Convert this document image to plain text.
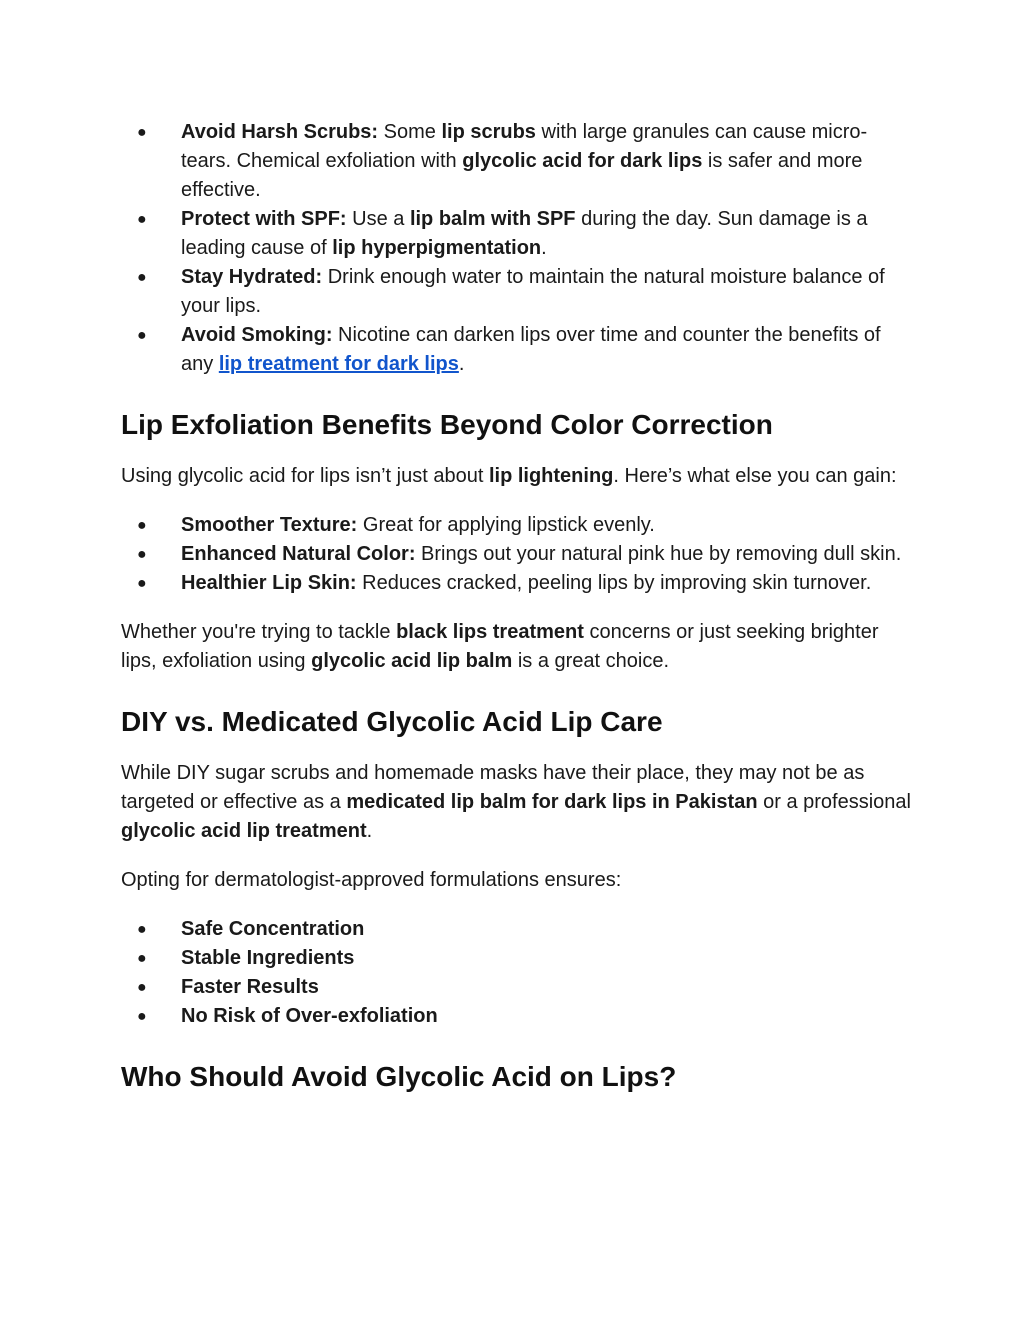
● Avoid Harsh Scrubs: Some lip scrubs with large granules can cause micro-tears. Chemical exfoliation with glycolic acid for dark lips is safer and more effective.
● Protect with SPF: Use a lip balm with SPF during the day. Sun damage is a leading cause of lip hyperpigmentation.
● Stay Hydrated: Drink enough water to maintain the natural moisture balance of your lips.
● Avoid Smoking: Nicotine can darken lips over time and counter the benefits of any lip treatment for dark lips.
Lip Exfoliation Benefits Beyond Color Correction

Using glycolic acid for lips isn’t just about lip lightening. Here’s what else you can gain:

● Smoother Texture: Great for applying lipstick evenly.
● Enhanced Natural Color: Brings out your natural pink hue by removing dull skin.
● Healthier Lip Skin: Reduces cracked, peeling lips by improving skin turnover.

Whether you're trying to tackle black lips treatment concerns or just seeking brighter lips, exfoliation using glycolic acid lip balm is a great choice.

DIY vs. Medicated Glycolic Acid Lip Care

While DIY sugar scrubs and homemade masks have their place, they may not be as targeted or effective as a medicated lip balm for dark lips in Pakistan or a professional glycolic acid lip treatment.

Opting for dermatologist-approved formulations ensures:

● Safe Concentration
● Stable Ingredients
● Faster Results
● No Risk of Over-exfoliation
Who Should Avoid Glycolic Acid on Lips?
